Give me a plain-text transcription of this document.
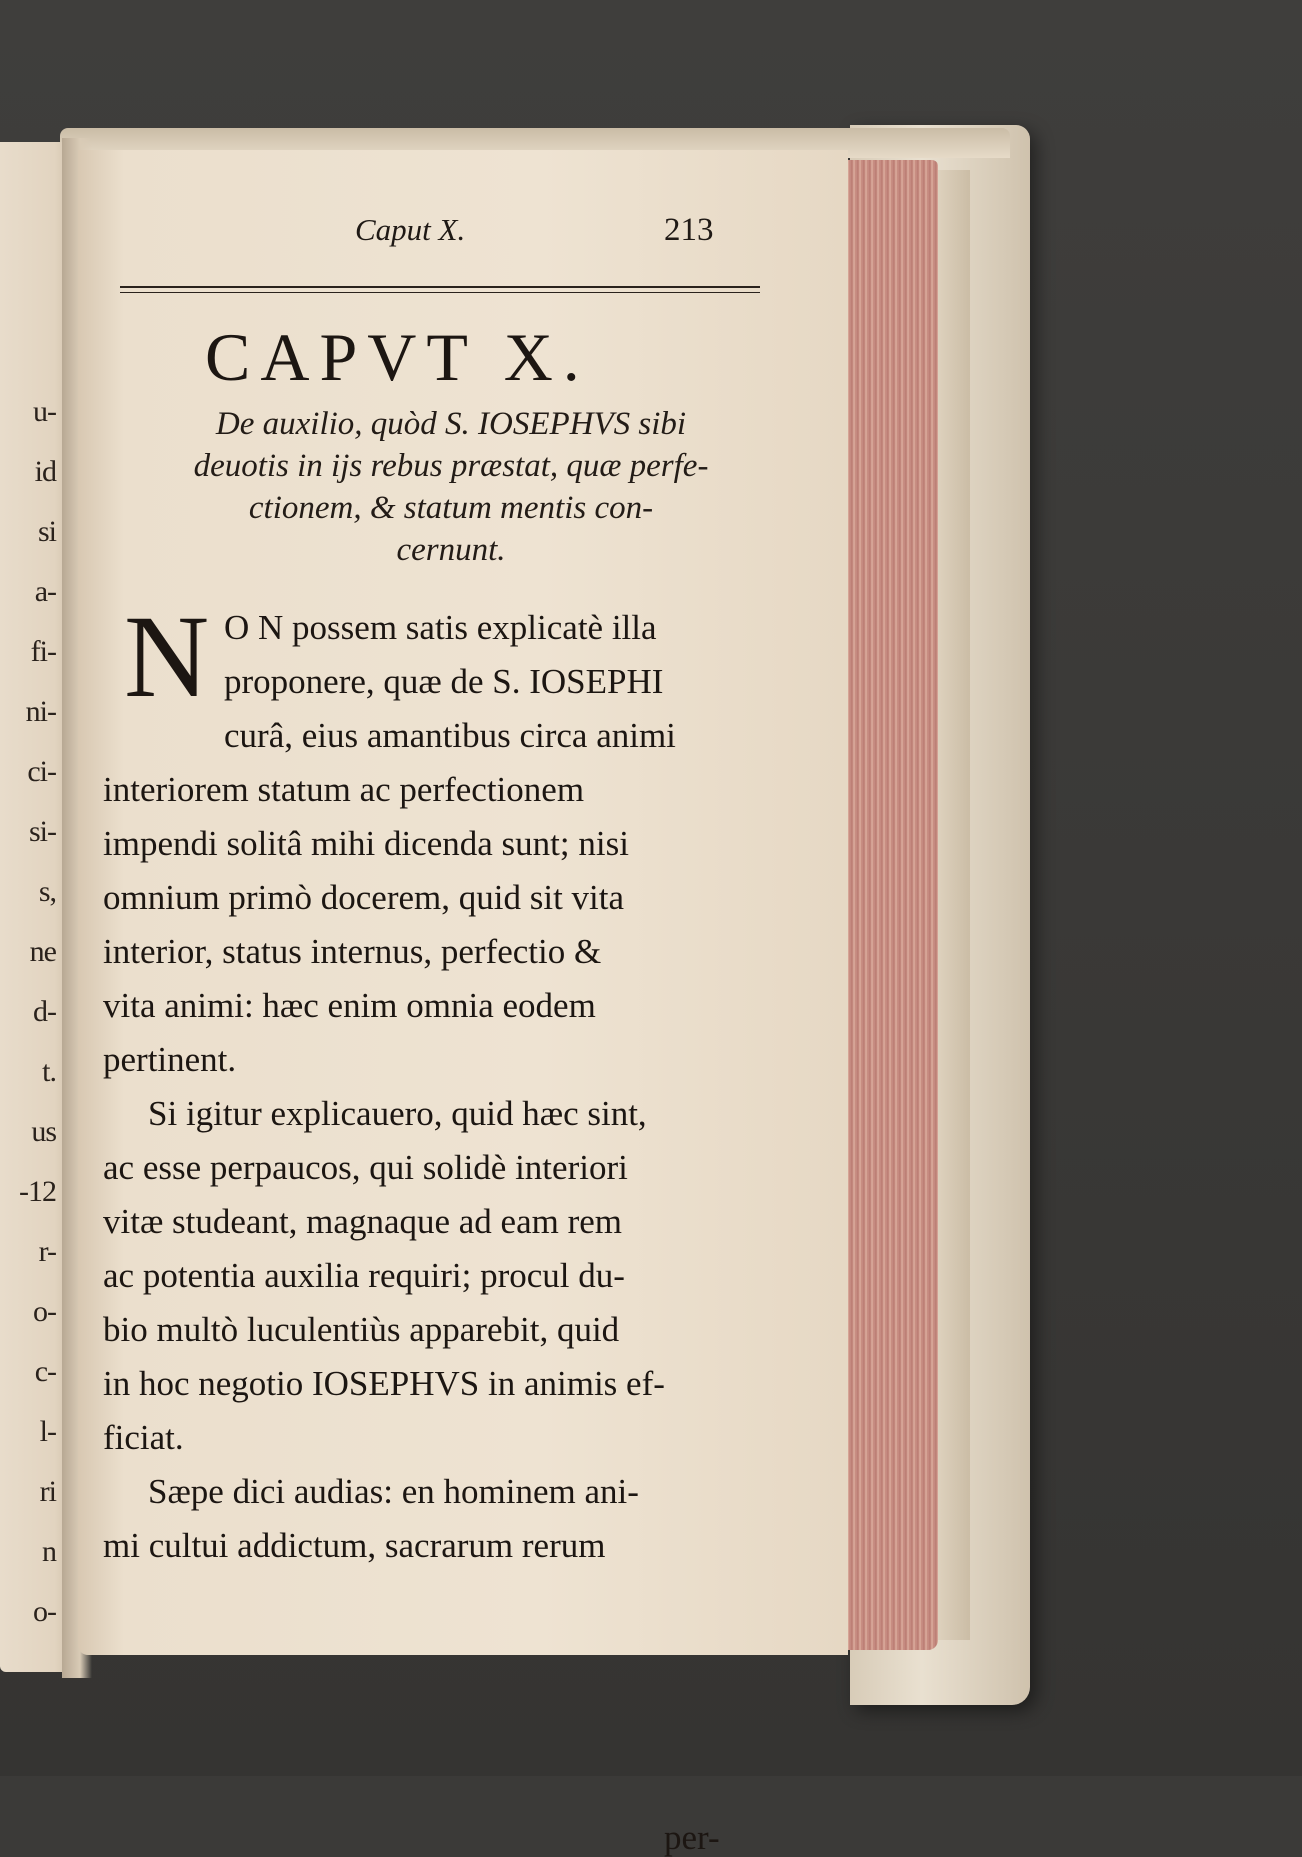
u-
id
si
a-
fi-
ni-
ci-
si-
s,
ne
d-
t.
us
-12
r-
o-
c-
l-
ri
n
o-
Caput X.	213
CAPVT X.
De auxilio, quòd S. IOSEPHVS sibi
deuotis in ijs rebus præstat, quæ perfe-
ctionem, & statum mentis con-
cernunt.
N O N possem satis explicatè illa
proponere, quæ de S. IOSEPHI
curâ, eius amantibus circa animi
interiorem statum ac perfectionem
impendi solitâ mihi dicenda sunt; nisi
omnium primò docerem, quid sit vita
interior, status internus, perfectio &
vita animi: hæc enim omnia eodem
pertinent.
Si igitur explicauero, quid hæc sint,
ac esse perpaucos, qui solidè interiori
vitæ studeant, magnaque ad eam rem
ac potentia auxilia requiri; procul du-
bio multò luculentiùs apparebit, quid
in hoc negotio IOSEPHVS in animis ef-
ficiat.
Sæpe dici audias: en hominem ani-
mi cultui addictum, sacrarum rerum
per-
